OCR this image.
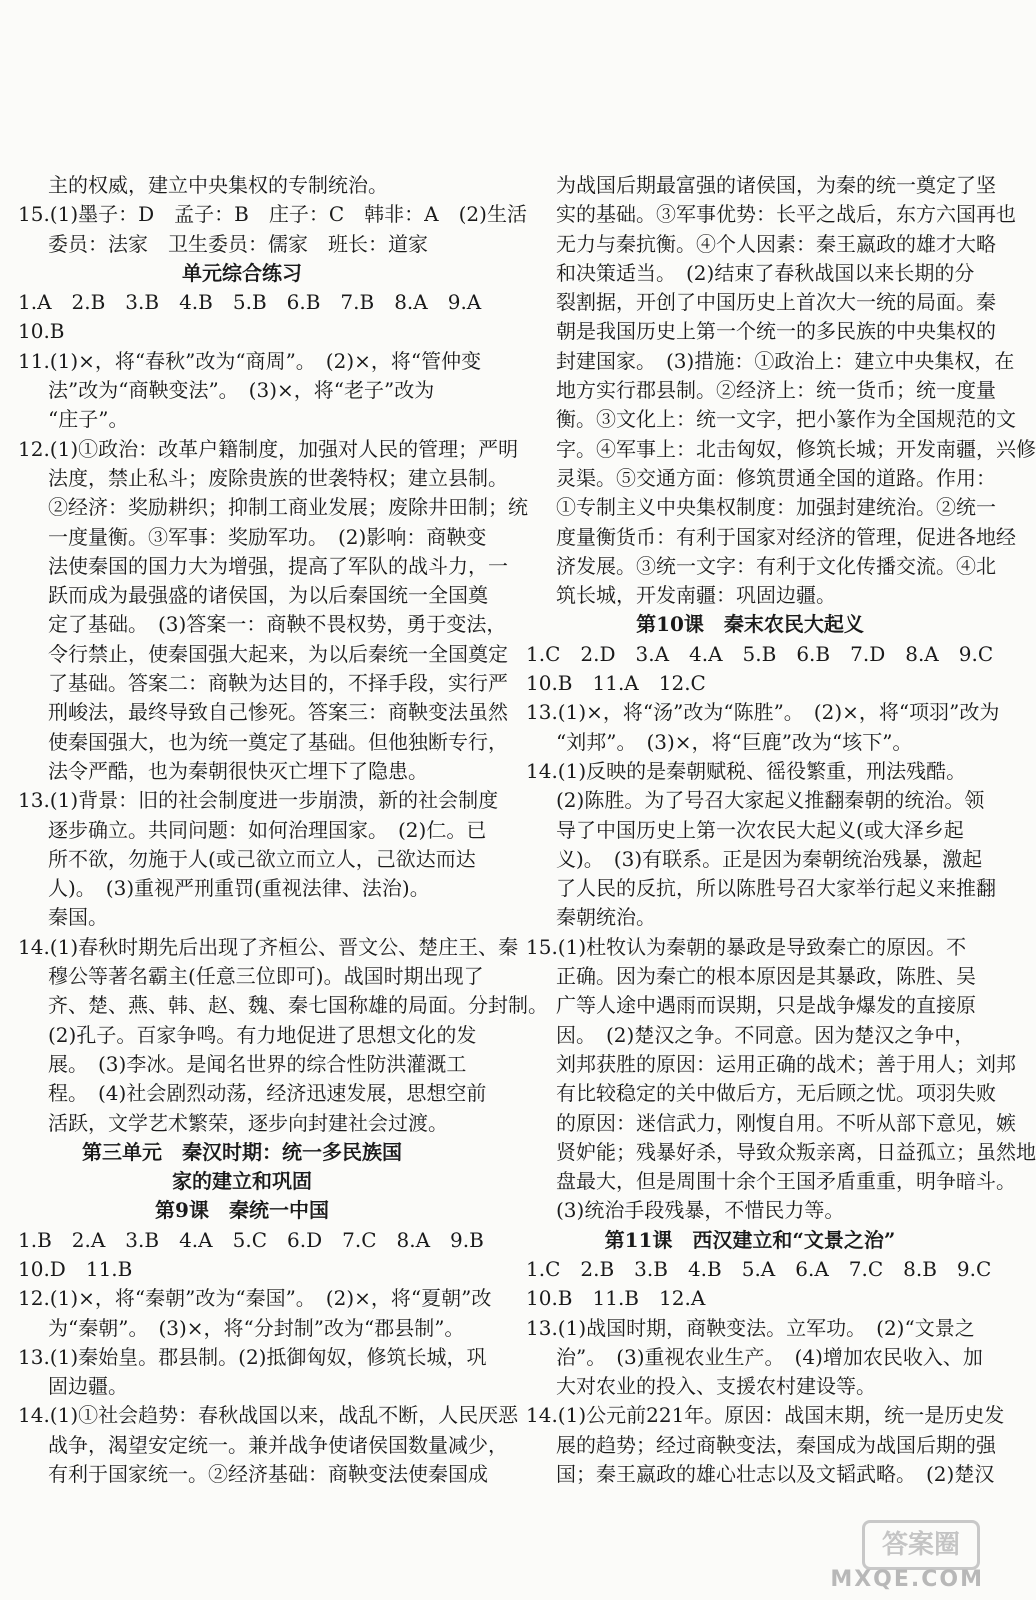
主的权威，建立中央集权的专制统治。
15.(1)墨子：D　孟子：B　庄子：C　韩非：A　(2)生活
委员：法家　卫生委员：儒家　班长：道家
单元综合练习
1.A　2.B　3.B　4.B　5.B　6.B　7.B　8.A　9.A
10.B
11.(1)×，将“春秋”改为“商周”。　(2)×，将“管仲变
法”改为“商鞅变法”。　(3)×，将“老子”改为
“庄子”。
12.(1)①政治：改革户籍制度，加强对人民的管理；严明
法度，禁止私斗；废除贵族的世袭特权；建立县制。
②经济：奖励耕织；抑制工商业发展；废除井田制；统
一度量衡。③军事：奖励军功。　(2)影响：商鞅变
法使秦国的国力大为增强，提高了军队的战斗力，一
跃而成为最强盛的诸侯国，为以后秦国统一全国奠
定了基础。　(3)答案一：商鞅不畏权势，勇于变法，
令行禁止，使秦国强大起来，为以后秦统一全国奠定
了基础。答案二：商鞅为达目的，不择手段，实行严
刑峻法，最终导致自己惨死。答案三：商鞅变法虽然
使秦国强大，也为统一奠定了基础。但他独断专行，
法令严酷，也为秦朝很快灭亡埋下了隐患。
13.(1)背景：旧的社会制度进一步崩溃，新的社会制度
逐步确立。共同问题：如何治理国家。　(2)仁。已
所不欲，勿施于人(或己欲立而立人，己欲达而达
人)。　(3)重视严刑重罚(重视法律、法治)。
秦国。
14.(1)春秋时期先后出现了齐桓公、晋文公、楚庄王、秦
穆公等著名霸主(任意三位即可)。战国时期出现了
齐、楚、燕、韩、赵、魏、秦七国称雄的局面。分封制。
(2)孔子。百家争鸣。有力地促进了思想文化的发
展。　(3)李冰。是闻名世界的综合性防洪灌溉工
程。　(4)社会剧烈动荡，经济迅速发展，思想空前
活跃，文学艺术繁荣，逐步向封建社会过渡。
第三单元　秦汉时期：统一多民族国
家的建立和巩固
第9课　秦统一中国
1.B　2.A　3.B　4.A　5.C　6.D　7.C　8.A　9.B
10.D　11.B
12.(1)×，将“秦朝”改为“秦国”。　(2)×，将“夏朝”改
为“秦朝”。　(3)×，将“分封制”改为“郡县制”。
13.(1)秦始皇。郡县制。(2)抵御匈奴，修筑长城，巩
固边疆。
14.(1)①社会趋势：春秋战国以来，战乱不断，人民厌恶
战争，渴望安定统一。兼并战争使诸侯国数量减少，
有利于国家统一。②经济基础：商鞅变法使秦国成
为战国后期最富强的诸侯国，为秦的统一奠定了坚
实的基础。③军事优势：长平之战后，东方六国再也
无力与秦抗衡。④个人因素：秦王嬴政的雄才大略
和决策适当。　(2)结束了春秋战国以来长期的分
裂割据，开创了中国历史上首次大一统的局面。秦
朝是我国历史上第一个统一的多民族的中央集权的
封建国家。　(3)措施：①政治上：建立中央集权，在
地方实行郡县制。②经济上：统一货币；统一度量
衡。③文化上：统一文字，把小篆作为全国规范的文
字。④军事上：北击匈奴，修筑长城；开发南疆，兴修
灵渠。⑤交通方面：修筑贯通全国的道路。作用：
①专制主义中央集权制度：加强封建统治。②统一
度量衡货币：有利于国家对经济的管理，促进各地经
济发展。③统一文字：有利于文化传播交流。④北
筑长城，开发南疆：巩固边疆。
第10课　秦末农民大起义
1.C　2.D　3.A　4.A　5.B　6.B　7.D　8.A　9.C
10.B　11.A　12.C
13.(1)×，将“汤”改为“陈胜”。　(2)×，将“项羽”改为
“刘邦”。　(3)×，将“巨鹿”改为“垓下”。
14.(1)反映的是秦朝赋税、徭役繁重，刑法残酷。
(2)陈胜。为了号召大家起义推翻秦朝的统治。领
导了中国历史上第一次农民大起义(或大泽乡起
义)。　(3)有联系。正是因为秦朝统治残暴，激起
了人民的反抗，所以陈胜号召大家举行起义来推翻
秦朝统治。
15.(1)杜牧认为秦朝的暴政是导致秦亡的原因。不
正确。因为秦亡的根本原因是其暴政，陈胜、吴
广等人途中遇雨而误期，只是战争爆发的直接原
因。　(2)楚汉之争。不同意。因为楚汉之争中，
刘邦获胜的原因：运用正确的战术；善于用人；刘邦
有比较稳定的关中做后方，无后顾之忧。项羽失败
的原因：迷信武力，刚愎自用。不听从部下意见，嫉
贤妒能；残暴好杀，导致众叛亲离，日益孤立；虽然地
盘最大，但是周围十余个王国矛盾重重，明争暗斗。
(3)统治手段残暴，不惜民力等。
第11课　西汉建立和“文景之治”
1.C　2.B　3.B　4.B　5.A　6.A　7.C　8.B　9.C
10.B　11.B　12.A
13.(1)战国时期，商鞅变法。立军功。　(2)“文景之
治”。　(3)重视农业生产。　(4)增加农民收入、加
大对农业的投入、支援农村建设等。
14.(1)公元前221年。原因：战国末期，统一是历史发
展的趋势；经过商鞅变法，秦国成为战国后期的强
国；秦王嬴政的雄心壮志以及文韬武略。　(2)楚汉
答案圈
MXQE.COM
